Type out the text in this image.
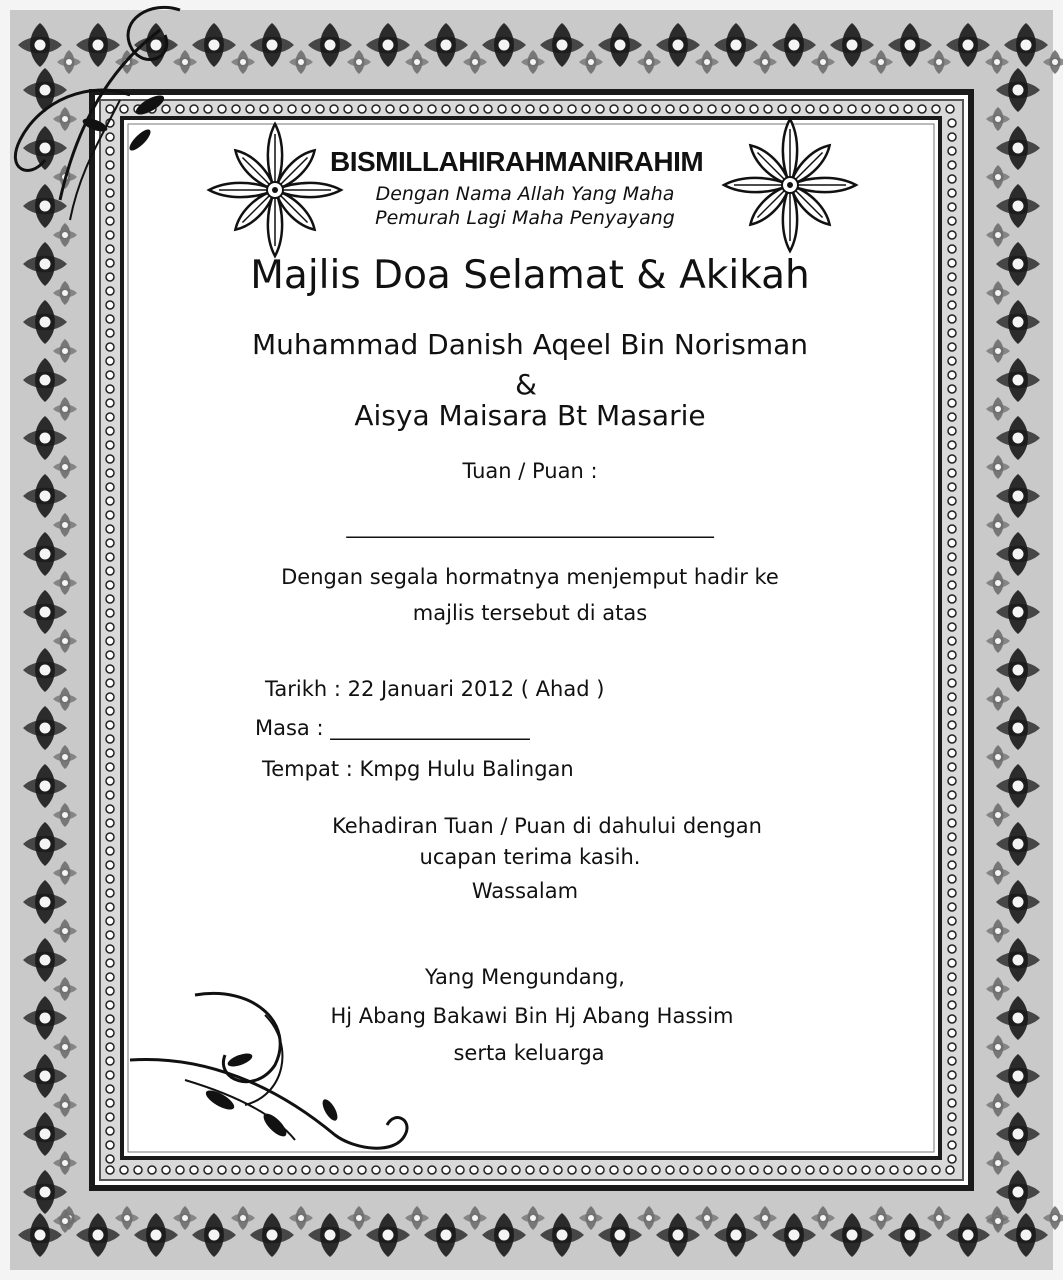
BISMILLAHIRAHMANIRAHIM

Dengan Nama Allah Yang Maha

Pemurah Lagi Maha Penyayang

Majlis Doa Selamat & Akikah

Muhammad Danish Aqeel Bin Norisman

&

Aisya Maisara Bt Masarie

Tuan / Puan :

____________________________________

Dengan segala hormatnya menjemput hadir ke

majlis tersebut di atas

Tarikh : 22 Januari 2012 ( Ahad )

Masa : ___________________

Tempat : Kmpg Hulu Balingan

Kehadiran Tuan / Puan di dahului dengan

ucapan terima kasih.

Wassalam

Yang Mengundang,

Hj Abang Bakawi Bin Hj Abang Hassim

serta keluarga
